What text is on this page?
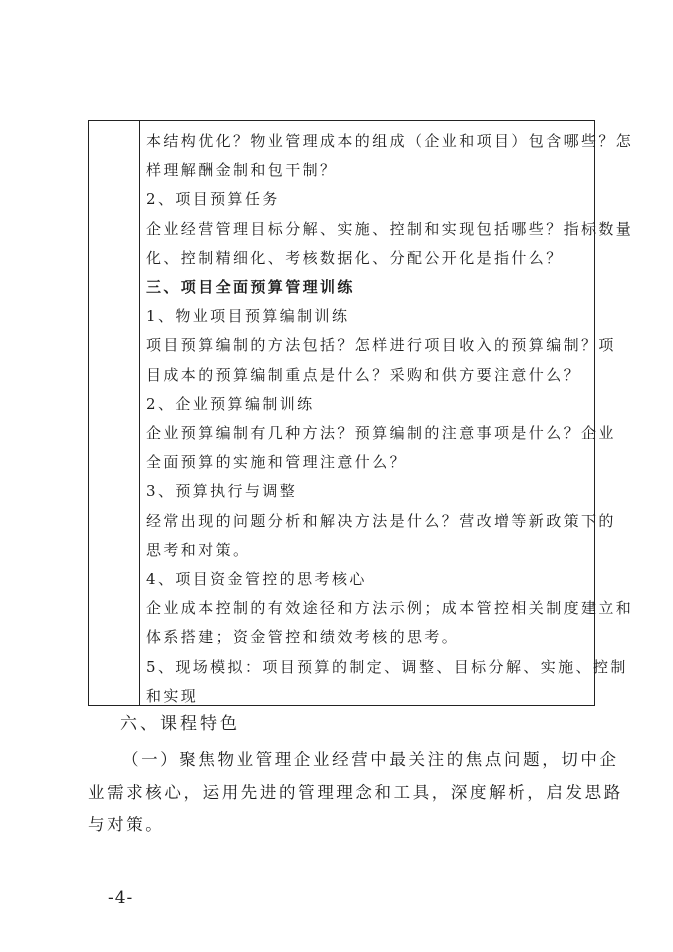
本结构优化？物业管理成本的组成（企业和项目）包含哪些？怎

样理解酬金制和包干制？

2、项目预算任务

企业经营管理目标分解、实施、控制和实现包括哪些？指标数量

化、控制精细化、考核数据化、分配公开化是指什么？

三、项目全面预算管理训练

1、物业项目预算编制训练

项目预算编制的方法包括？怎样进行项目收入的预算编制？项

目成本的预算编制重点是什么？采购和供方要注意什么？

2、企业预算编制训练

企业预算编制有几种方法？预算编制的注意事项是什么？企业

全面预算的实施和管理注意什么？

3、预算执行与调整

经常出现的问题分析和解决方法是什么？营改增等新政策下的

思考和对策。

4、项目资金管控的思考核心

企业成本控制的有效途径和方法示例；成本管控相关制度建立和

体系搭建；资金管控和绩效考核的思考。

5、现场模拟：项目预算的制定、调整、目标分解、实施、控制

和实现

六、课程特色

（一）聚焦物业管理企业经营中最关注的焦点问题，切中企

业需求核心，运用先进的管理理念和工具，深度解析，启发思路

与对策。

-4-
